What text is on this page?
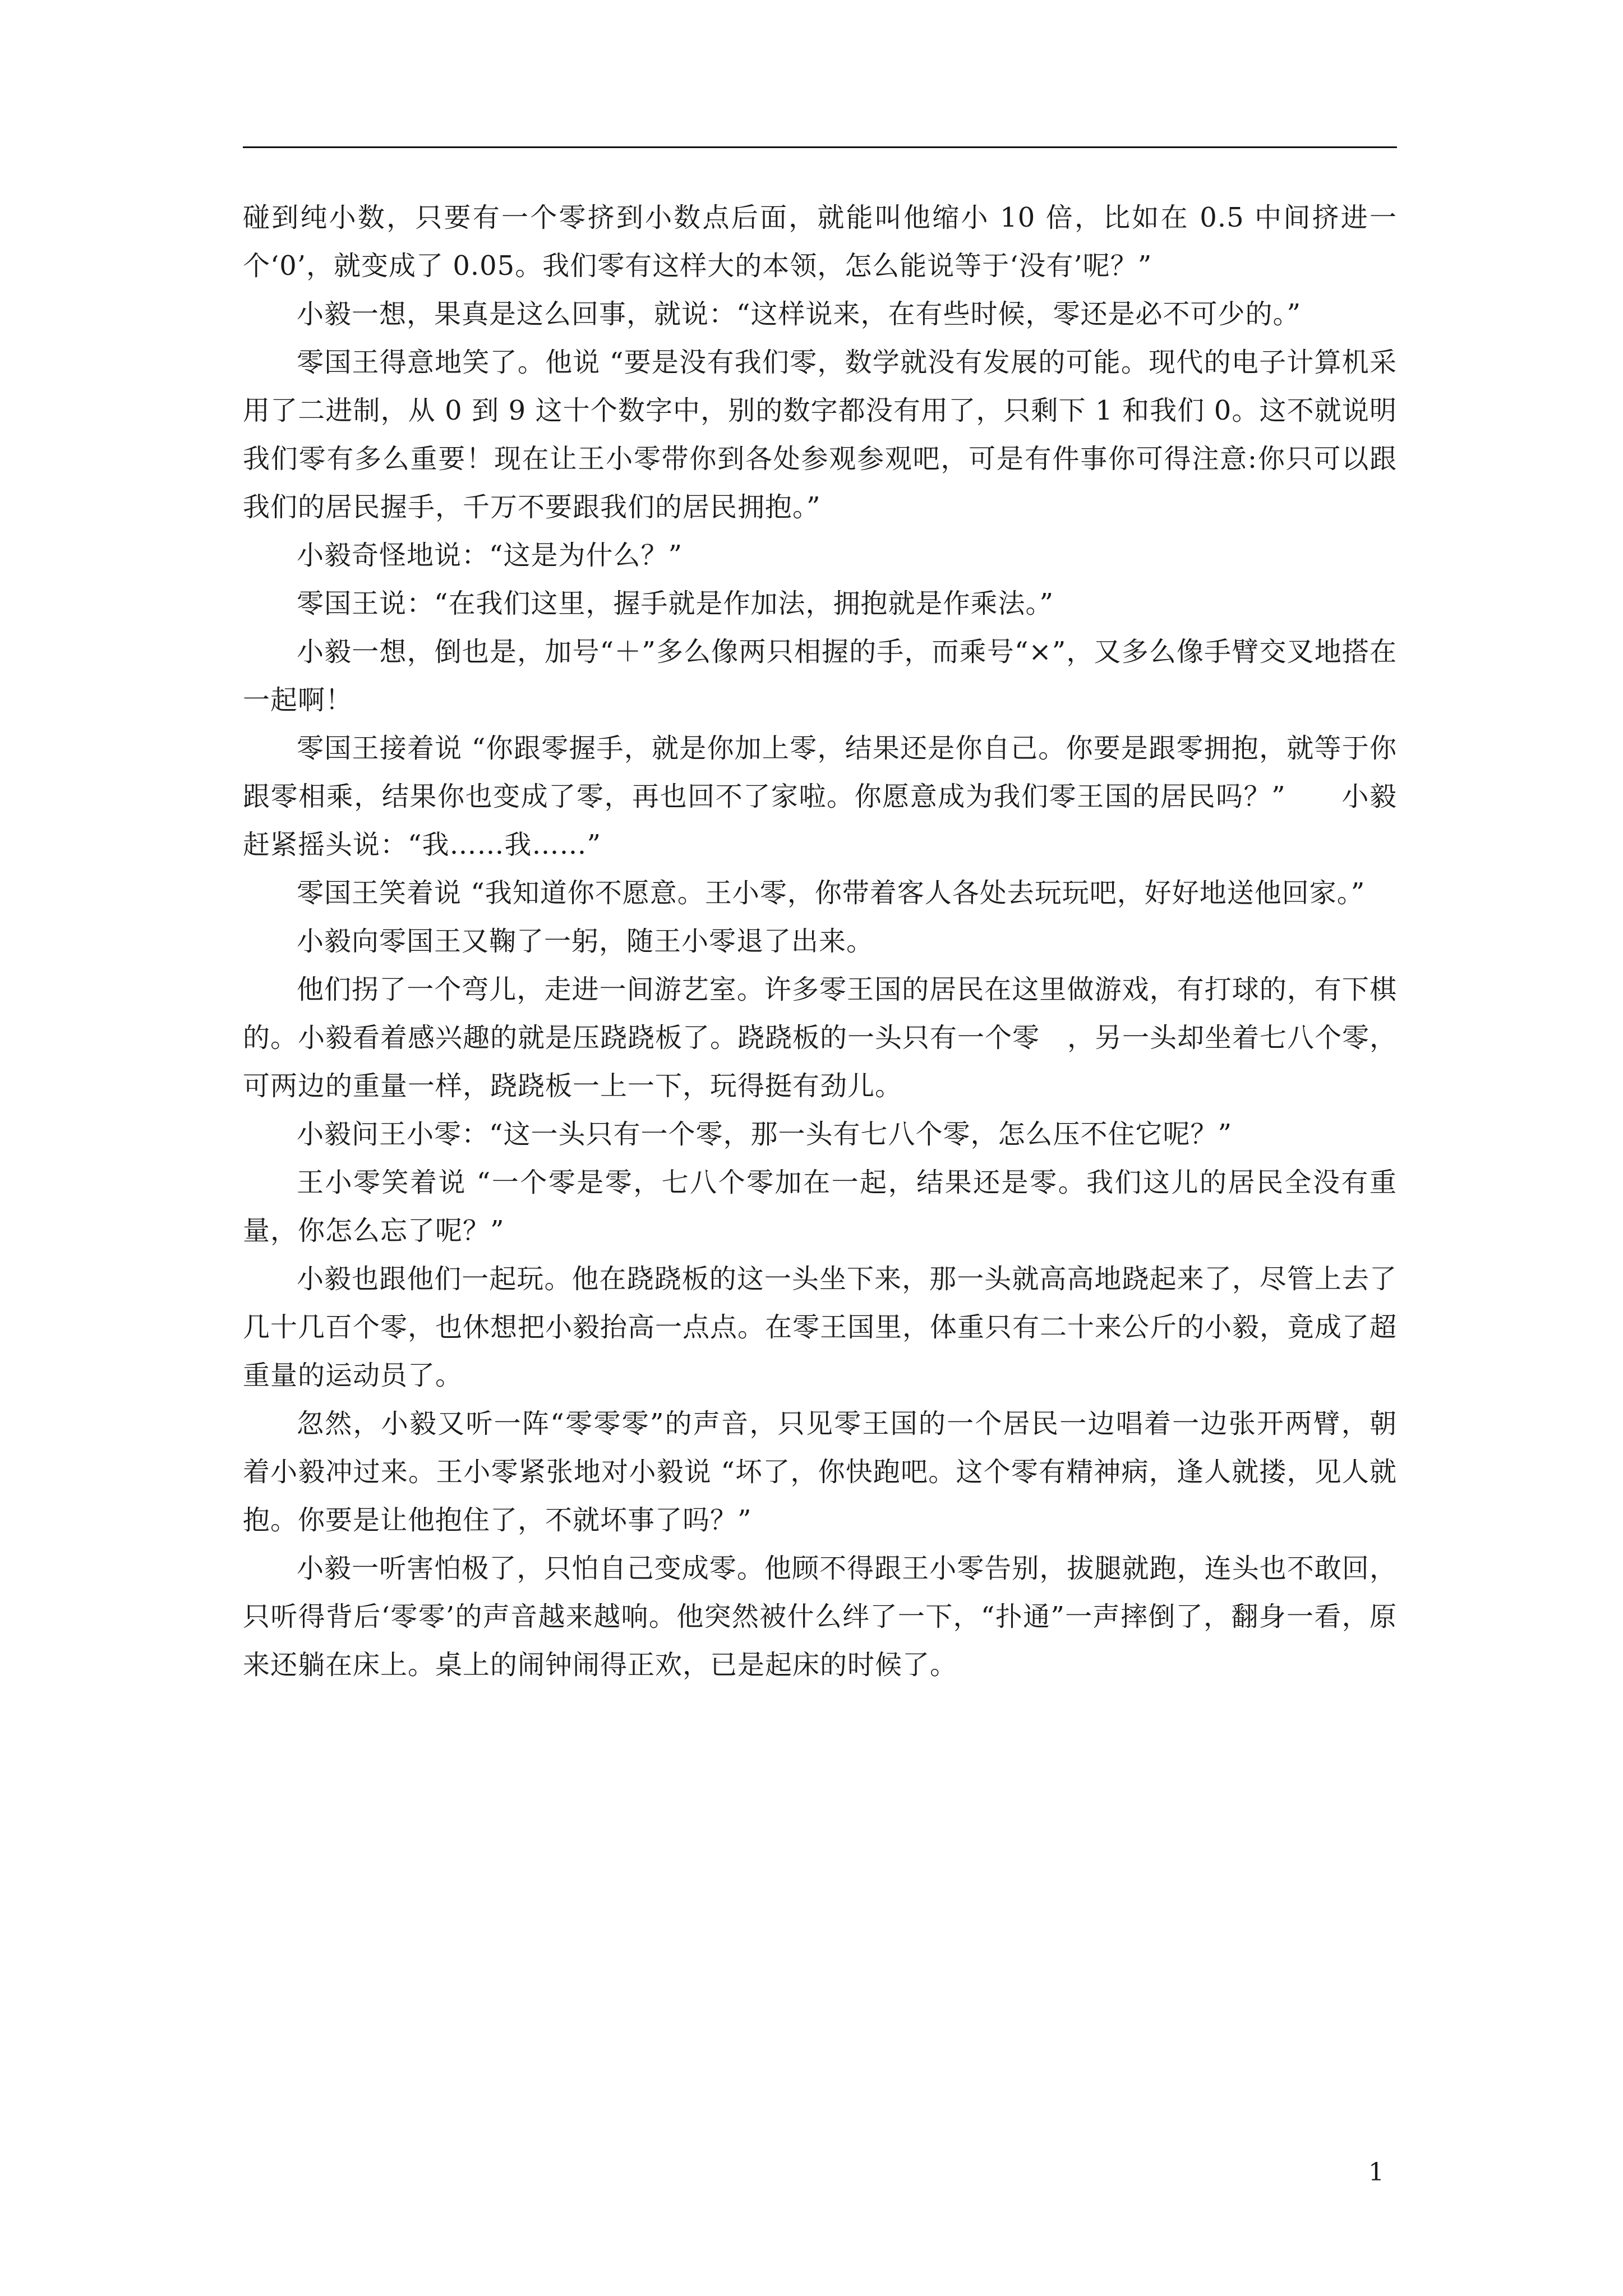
碰到纯小数，只要有一个零挤到小数点后面，就能叫他缩小 10 倍，比如在 0.5 中间挤进一个‘0’，就变成了 0.05。我们零有这样大的本领，怎么能说等于‘没有’呢？”

小毅一想，果真是这么回事，就说：“这样说来，在有些时候，零还是必不可少的。”

零国王得意地笑了。他说 “要是没有我们零，数学就没有发展的可能。现代的电子计算机采用了二进制，从 0 到 9 这十个数字中，别的数字都没有用了，只剩下 1 和我们 0。这不就说明我们零有多么重要！现在让王小零带你到各处参观参观吧，可是有件事你可得注意:你只可以跟我们的居民握手，千万不要跟我们的居民拥抱。”

小毅奇怪地说：“这是为什么？”

零国王说：“在我们这里，握手就是作加法，拥抱就是作乘法。”

小毅一想，倒也是，加号“＋”多么像两只相握的手，而乘号“×”，又多么像手臂交叉地搭在一起啊！

零国王接着说 “你跟零握手，就是你加上零，结果还是你自己。你要是跟零拥抱，就等于你跟零相乘，结果你也变成了零，再也回不了家啦。你愿意成为我们零王国的居民吗？”　　小毅赶紧摇头说：“我……我……”

零国王笑着说 “我知道你不愿意。王小零，你带着客人各处去玩玩吧，好好地送他回家。”

小毅向零国王又鞠了一躬，随王小零退了出来。

他们拐了一个弯儿，走进一间游艺室。许多零王国的居民在这里做游戏，有打球的，有下棋的。小毅看着感兴趣的就是压跷跷板了。跷跷板的一头只有一个零　，另一头却坐着七八个零，可两边的重量一样，跷跷板一上一下，玩得挺有劲儿。

小毅问王小零：“这一头只有一个零，那一头有七八个零，怎么压不住它呢？”

王小零笑着说 “一个零是零，七八个零加在一起，结果还是零。我们这儿的居民全没有重量，你怎么忘了呢？”

小毅也跟他们一起玩。他在跷跷板的这一头坐下来，那一头就高高地跷起来了，尽管上去了几十几百个零，也休想把小毅抬高一点点。在零王国里，体重只有二十来公斤的小毅，竟成了超重量的运动员了。

忽然，小毅又听一阵“零零零”的声音，只见零王国的一个居民一边唱着一边张开两臂，朝着小毅冲过来。王小零紧张地对小毅说 “坏了，你快跑吧。这个零有精神病，逢人就搂，见人就抱。你要是让他抱住了，不就坏事了吗？”

小毅一听害怕极了，只怕自己变成零。他顾不得跟王小零告别，拔腿就跑，连头也不敢回，只听得背后‘零零’的声音越来越响。他突然被什么绊了一下，“扑通”一声摔倒了，翻身一看，原来还躺在床上。桌上的闹钟闹得正欢，已是起床的时候了。

1
